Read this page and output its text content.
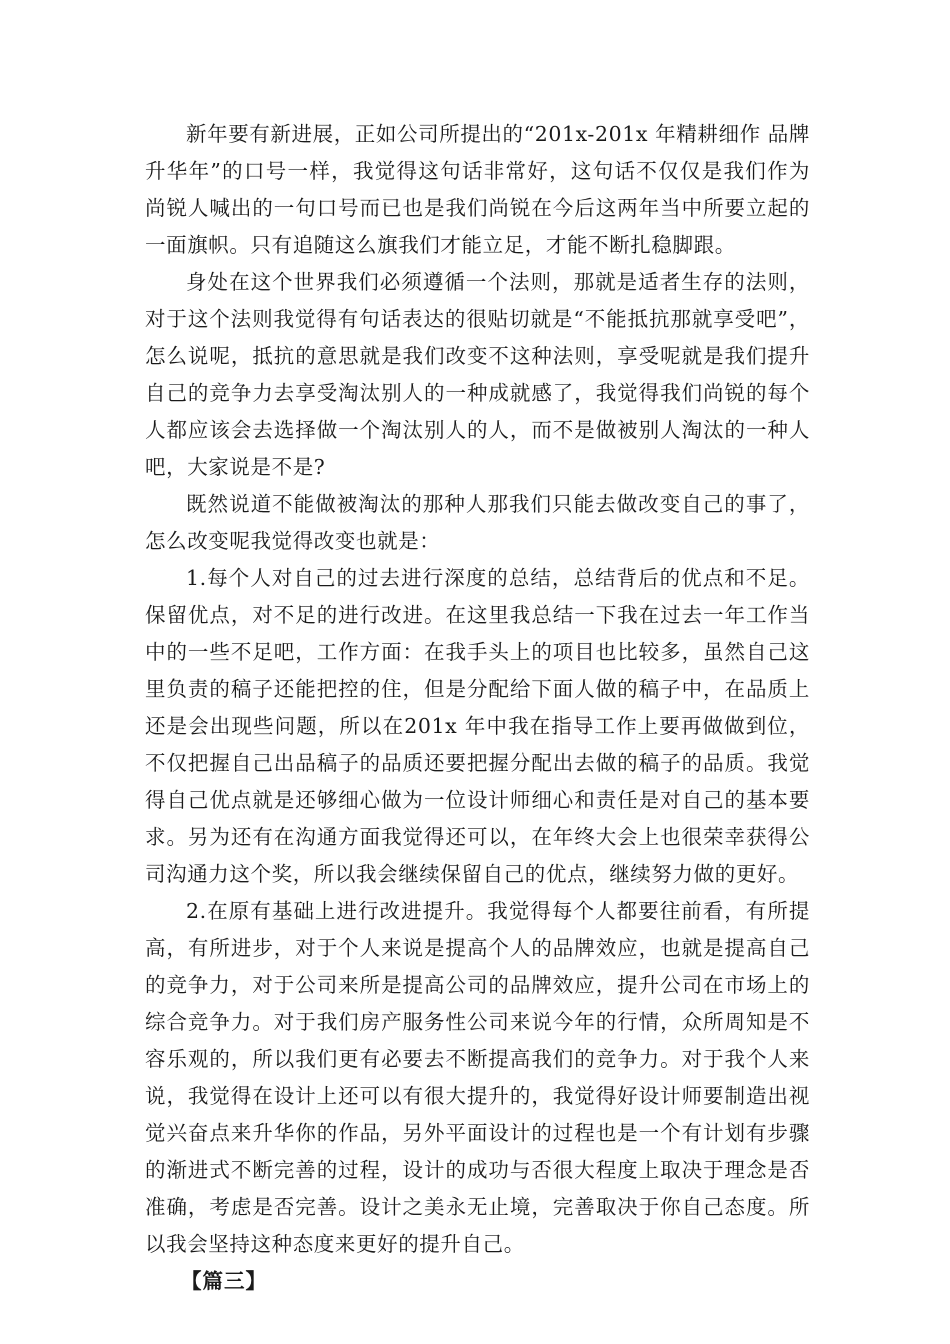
新年要有新进展，正如公司所提出的“201x-201x 年精耕细作 品牌升华年”的口号一样，我觉得这句话非常好，这句话不仅仅是我们作为尚锐人喊出的一句口号而已也是我们尚锐在今后这两年当中所要立起的一面旗帜。只有追随这么旗我们才能立足，才能不断扎稳脚跟。

身处在这个世界我们必须遵循一个法则，那就是适者生存的法则，对于这个法则我觉得有句话表达的很贴切就是“不能抵抗那就享受吧”，怎么说呢，抵抗的意思就是我们改变不这种法则，享受呢就是我们提升自己的竞争力去享受淘汰别人的一种成就感了，我觉得我们尚锐的每个人都应该会去选择做一个淘汰别人的人，而不是做被别人淘汰的一种人吧，大家说是不是?

既然说道不能做被淘汰的那种人那我们只能去做改变自己的事了，怎么改变呢我觉得改变也就是：

1.每个人对自己的过去进行深度的总结，总结背后的优点和不足。保留优点，对不足的进行改进。在这里我总结一下我在过去一年工作当中的一些不足吧，工作方面：在我手头上的项目也比较多，虽然自己这里负责的稿子还能把控的住，但是分配给下面人做的稿子中，在品质上还是会出现些问题，所以在201x 年中我在指导工作上要再做做到位，不仅把握自己出品稿子的品质还要把握分配出去做的稿子的品质。我觉得自己优点就是还够细心做为一位设计师细心和责任是对自己的基本要求。另为还有在沟通方面我觉得还可以，在年终大会上也很荣幸获得公司沟通力这个奖，所以我会继续保留自己的优点，继续努力做的更好。

2.在原有基础上进行改进提升。我觉得每个人都要往前看，有所提高，有所进步，对于个人来说是提高个人的品牌效应，也就是提高自己的竞争力，对于公司来所是提高公司的品牌效应，提升公司在市场上的综合竞争力。对于我们房产服务性公司来说今年的行情，众所周知是不容乐观的，所以我们更有必要去不断提高我们的竞争力。对于我个人来说，我觉得在设计上还可以有很大提升的，我觉得好设计师要制造出视觉兴奋点来升华你的作品，另外平面设计的过程也是一个有计划有步骤的渐进式不断完善的过程，设计的成功与否很大程度上取决于理念是否准确，考虑是否完善。设计之美永无止境，完善取决于你自己态度。所以我会坚持这种态度来更好的提升自己。

【篇三】
